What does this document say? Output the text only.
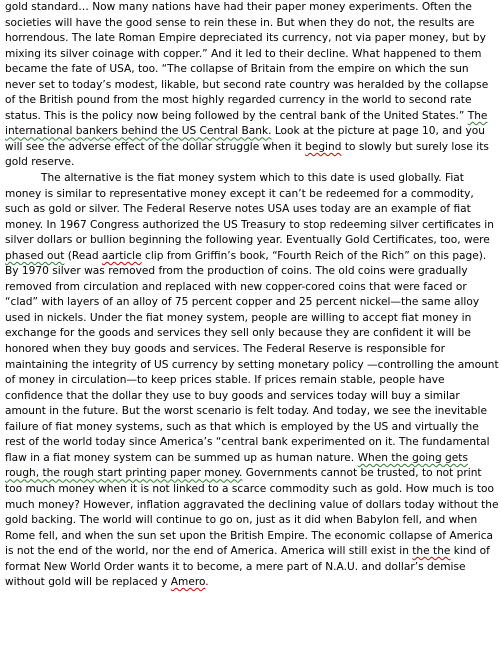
gold standard… Now many nations have had their paper money experiments. Often the societies will have the good sense to rein these in. But when they do not, the results are horrendous. The late Roman Empire depreciated its currency, not via paper money, but by mixing its silver coinage with copper.” And it led to their decline. What happened to them became the fate of USA, too. “The collapse of Britain from the empire on which the sun never set to today’s modest, likable, but second rate country was heralded by the collapse of the British pound from the most highly regarded currency in the world to second rate status. This is the policy now being followed by the central bank of the United States.” The international bankers behind the US Central Bank. Look at the picture at page 10, and you will see the adverse effect of the dollar struggle when it begind to slowly but surely lose its gold reserve.

The alternative is the fiat money system which to this date is used globally. Fiat money is similar to representative money except it can’t be redeemed for a commodity, such as gold or silver. The Federal Reserve notes USA uses today are an example of fiat money. In 1967 Congress authorized the US Treasury to stop redeeming silver certificates in silver dollars or bullion beginning the following year. Eventually Gold Certificates, too, were phased out (Read aarticle clip from Griffin’s book, “Fourth Reich of the Rich” on this page). By 1970 silver was removed from the production of coins. The old coins were gradually removed from circulation and replaced with new copper-cored coins that were faced or “clad” with layers of an alloy of 75 percent copper and 25 percent nickel—the same alloy used in nickels. Under the fiat money system, people are willing to accept fiat money in exchange for the goods and services they sell only because they are confident it will be honored when they buy goods and services. The Federal Reserve is responsible for maintaining the integrity of US currency by setting monetary policy —controlling the amount of money in circulation—to keep prices stable. If prices remain stable, people have confidence that the dollar they use to buy goods and services today will buy a similar amount in the future. But the worst scenario is felt today. And today, we see the inevitable failure of fiat money systems, such as that which is employed by the US and virtually the rest of the world today since America’s “central bank experimented on it. The fundamental flaw in a fiat money system can be summed up as human nature. When the going gets rough, the rough start printing paper money. Governments cannot be trusted, to not print too much money when it is not linked to a scarce commodity such as gold. How much is too much money? However, inflation aggravated the declining value of dollars today without the gold backing. The world will continue to go on, just as it did when Babylon fell, and when Rome fell, and when the sun set upon the British Empire. The economic collapse of America is not the end of the world, nor the end of America. America will still exist in the the kind of format New World Order wants it to become, a mere part of N.A.U. and dollar’s demise without gold will be replaced y Amero.
